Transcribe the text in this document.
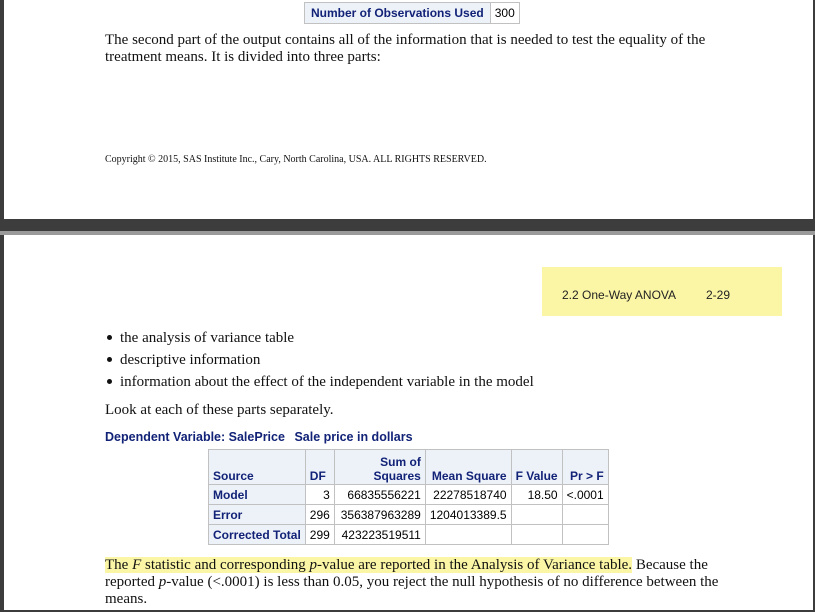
Number of Observations Used	300

The second part of the output contains all of the information that is needed to test the equality of the treatment means. It is divided into three parts:

Copyright © 2015, SAS Institute Inc., Cary, North Carolina, USA. ALL RIGHTS RESERVED.
2.2 One-Way ANOVA 2-29
the analysis of variance table
descriptive information
information about the effect of the independent variable in the model

Look at each of these parts separately.

Dependent Variable: SalePrice Sale price in dollars
Source	DF	Sum of Squares	Mean Square	F Value	Pr > F
Model	3	66835556221	22278518740	18.50	<.0001
Error	296	356387963289	1204013389.5		
Corrected Total	299	423223519511			

The F statistic and corresponding p-value are reported in the Analysis of Variance table. Because the reported p-value (<.0001) is less than 0.05, you reject the null hypothesis of no difference between the means.
